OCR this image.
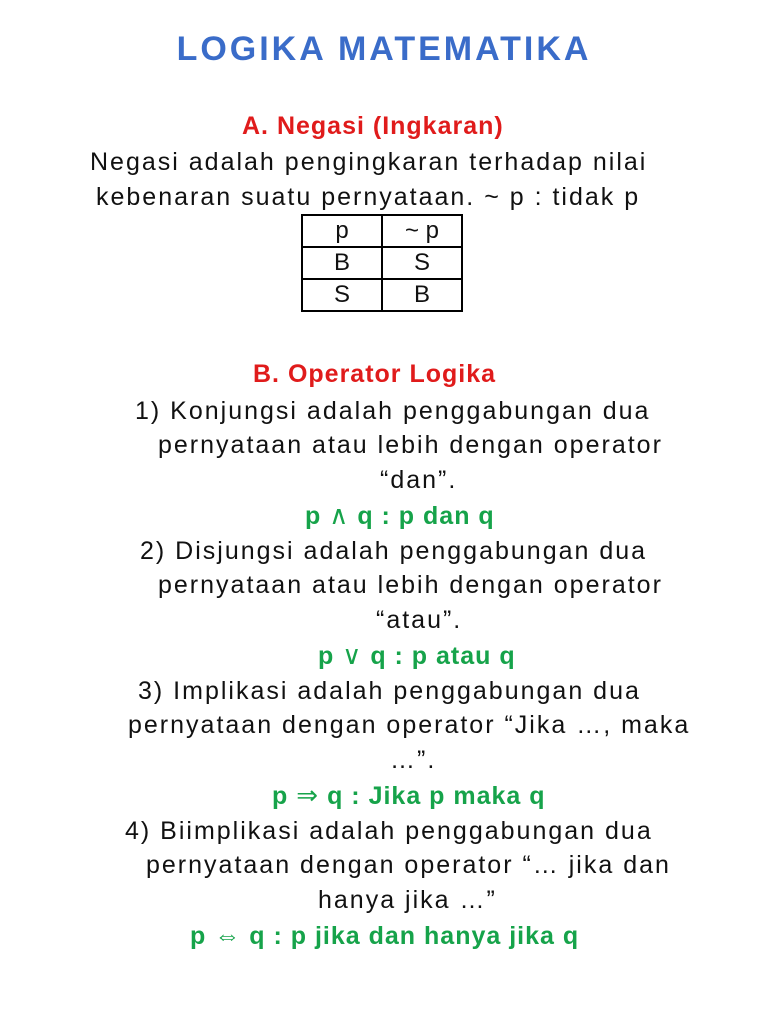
LOGIKA MATEMATIKA
A. Negasi (Ingkaran)
Negasi adalah pengingkaran terhadap nilai
kebenaran suatu pernyataan. ~ p : tidak p
p	~ p
B	S
S	B
B. Operator Logika
1) Konjungsi adalah penggabungan dua
pernyataan atau lebih dengan operator
“dan”.
p ∧ q : p dan q
2) Disjungsi adalah penggabungan dua
pernyataan atau lebih dengan operator
“atau”.
p ∨ q : p atau q
3) Implikasi adalah penggabungan dua
pernyataan dengan operator “Jika …, maka
…”.
p ⇒ q : Jika p maka q
4) Biimplikasi adalah penggabungan dua
pernyataan dengan operator “… jika dan
hanya jika …”
p ⇔ q : p jika dan hanya jika q
